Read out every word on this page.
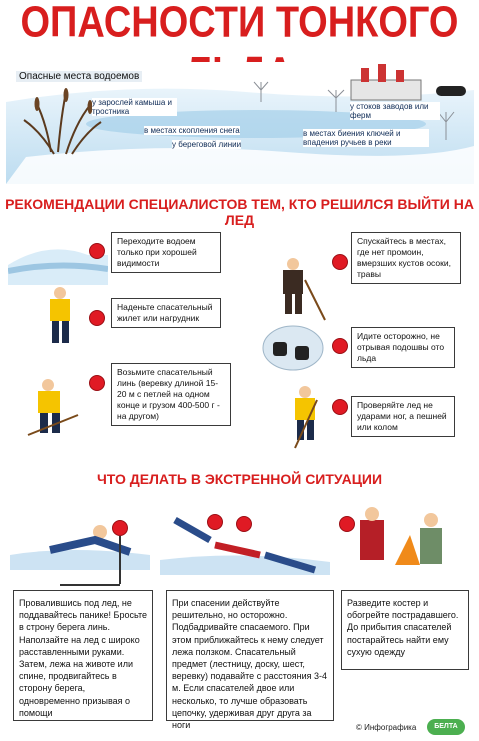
ОПАСНОСТИ ТОНКОГО
Опасные места водоемов
у зарослей камыша и тростника
в местах скопления снега
у береговой линии
у стоков заводов или ферм
в местах биения ключей и впадения ручьев в реки
РЕКОМЕНДАЦИИ СПЕЦИАЛИСТОВ ТЕМ, КТО РЕШИЛСЯ ВЫЙТИ НА ЛЕД
Переходите водоем только при хорошей видимости
Наденьте спасательный жилет или нагрудник
Возьмите спасательный линь (веревку длиной 15-20 м с петлей на одном конце и грузом 400-500 г - на другом)
Спускайтесь в местах, где нет промоин, вмерзших кустов осоки, травы
Идите осторожно, не отрывая подошвы ото льда
Проверяйте лед не ударами ног, а пешней или колом
ЧТО ДЕЛАТЬ В ЭКСТРЕННОЙ СИТУАЦИИ
Провалившись под лед, не поддавайтесь панике! Бросьте в строну берега линь. Наползайте на лед с широко расставленными руками. Затем, лежа на животе или спине, продвигайтесь в сторону берега, одновременно призывая о помощи
При спасении действуйте решительно, но осторожно. Подбадривайте спасаемого. При этом приближайтесь к нему следует лежа ползком. Спасательный предмет (лестницу, доску, шест, веревку) подавайте с расстояния 3-4 м. Если спасателей двое или несколько, то лучше образовать цепочку, удерживая друг друга за ноги
Разведите костер и обогрейте пострадавшего. До прибытия спасателей постарайтесь найти ему сухую одежду
© Инфографика	БЕЛТА
